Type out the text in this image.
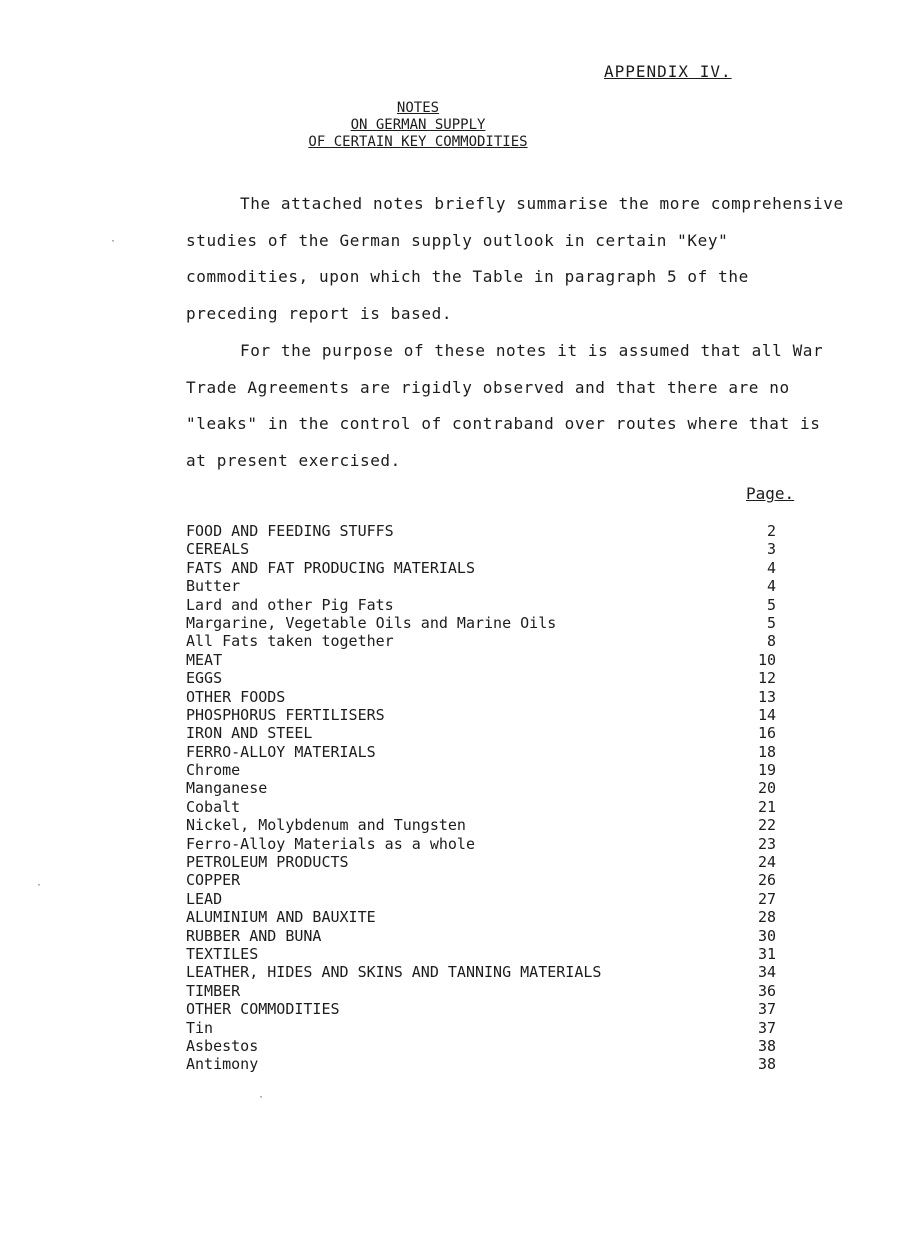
APPENDIX IV.
NOTES
ON GERMAN SUPPLY
OF CERTAIN KEY COMMODITIES
The attached notes briefly summarise the more comprehensive studies of the German supply outlook in certain "Key" commodities, upon which the Table in paragraph 5 of the preceding report is based.
For the purpose of these notes it is assumed that all War Trade Agreements are rigidly observed and that there are no "leaks" in the control of contraband over routes where that is at present exercised.
Page.
FOOD AND FEEDING STUFFS	2
CEREALS	3
FATS AND FAT PRODUCING MATERIALS	4
Butter	4
Lard and other Pig Fats	5
Margarine, Vegetable Oils and Marine Oils	5
All Fats taken together	8
MEAT	10
EGGS	12
OTHER FOODS	13
PHOSPHORUS FERTILISERS	14
IRON AND STEEL	16
FERRO-ALLOY MATERIALS	18
Chrome	19
Manganese	20
Cobalt	21
Nickel, Molybdenum and Tungsten	22
Ferro-Alloy Materials as a whole	23
PETROLEUM PRODUCTS	24
COPPER	26
LEAD	27
ALUMINIUM AND BAUXITE	28
RUBBER AND BUNA	30
TEXTILES	31
LEATHER, HIDES AND SKINS AND TANNING MATERIALS	34
TIMBER	36
OTHER COMMODITIES	37
Tin	37
Asbestos	38
Antimony	38
·
·
·
